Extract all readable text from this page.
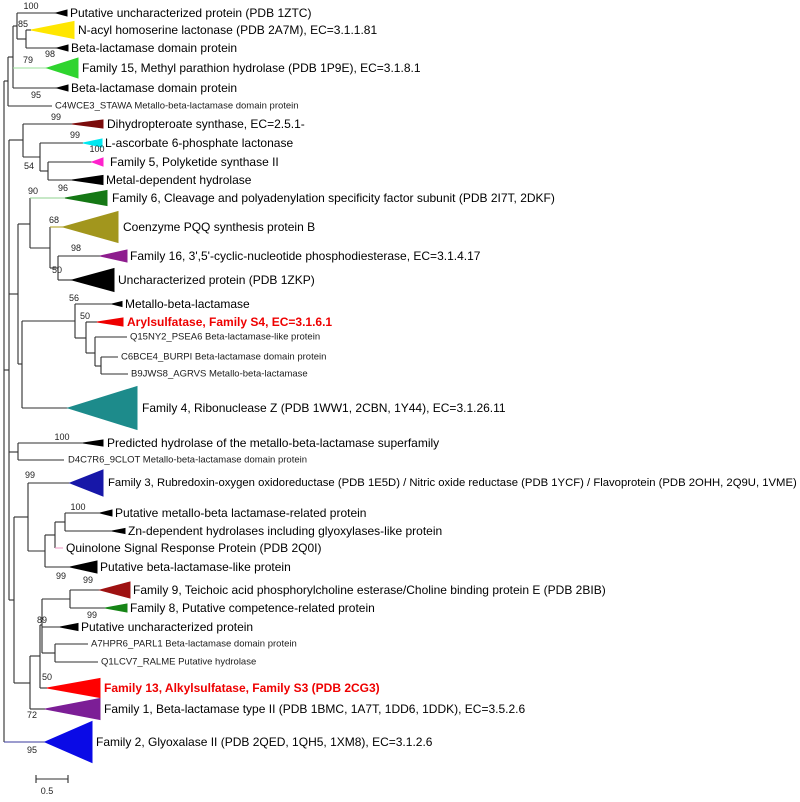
Putative uncharacterized protein (PDB 1ZTC)
N-acyl homoserine lactonase (PDB 2A7M), EC=3.1.1.81
Beta-lactamase domain protein
Family 15, Methyl parathion hydrolase (PDB 1P9E), EC=3.1.8.1
Beta-lactamase domain protein
C4WCE3_STAWA Metallo-beta-lactamase domain protein
Dihydropteroate synthase, EC=2.5.1-
L-ascorbate 6-phosphate lactonase
Family 5, Polyketide synthase II
Metal-dependent hydrolase
Family 6, Cleavage and polyadenylation specificity factor subunit (PDB 2I7T, 2DKF)
Coenzyme PQQ synthesis protein B
Family 16, 3',5'-cyclic-nucleotide phosphodiesterase, EC=3.1.4.17
Uncharacterized protein (PDB 1ZKP)
Metallo-beta-lactamase
Arylsulfatase, Family S4, EC=3.1.6.1
Q15NY2_PSEA6 Beta-lactamase-like protein
C6BCE4_BURPI Beta-lactamase domain protein
B9JWS8_AGRVS Metallo-beta-lactamase
Family 4, Ribonuclease Z (PDB 1WW1, 2CBN, 1Y44), EC=3.1.26.11
Predicted hydrolase of the metallo-beta-lactamase superfamily
D4C7R6_9CLOT Metallo-beta-lactamase domain protein
Family 3, Rubredoxin-oxygen oxidoreductase (PDB 1E5D) / Nitric oxide reductase (PDB 1YCF) / Flavoprotein (PDB 2OHH, 2Q9U, 1VME)
Putative metallo-beta lactamase-related protein
Zn-dependent hydrolases including glyoxylases-like protein
Quinolone Signal Response Protein (PDB 2Q0I)
Putative beta-lactamase-like protein
Family 9, Teichoic acid phosphorylcholine esterase/Choline binding protein E (PDB 2BIB)
Family 8, Putative competence-related protein
Putative uncharacterized protein
A7HPR6_PARL1 Beta-lactamase domain protein
Q1LCV7_RALME Putative hydrolase
Family 13, Alkylsulfatase, Family S3 (PDB 2CG3)
Family 1, Beta-lactamase type II (PDB 1BMC, 1A7T, 1DD6, 1DDK), EC=3.5.2.6
Family 2, Glyoxalase II (PDB 2QED, 1QH5, 1XM8), EC=3.1.2.6
100
85
98
79
95
99
99
100
54
90 96
68
98
50
56
50
100
99
100
99 99
99
89
50
72
95
0.5
